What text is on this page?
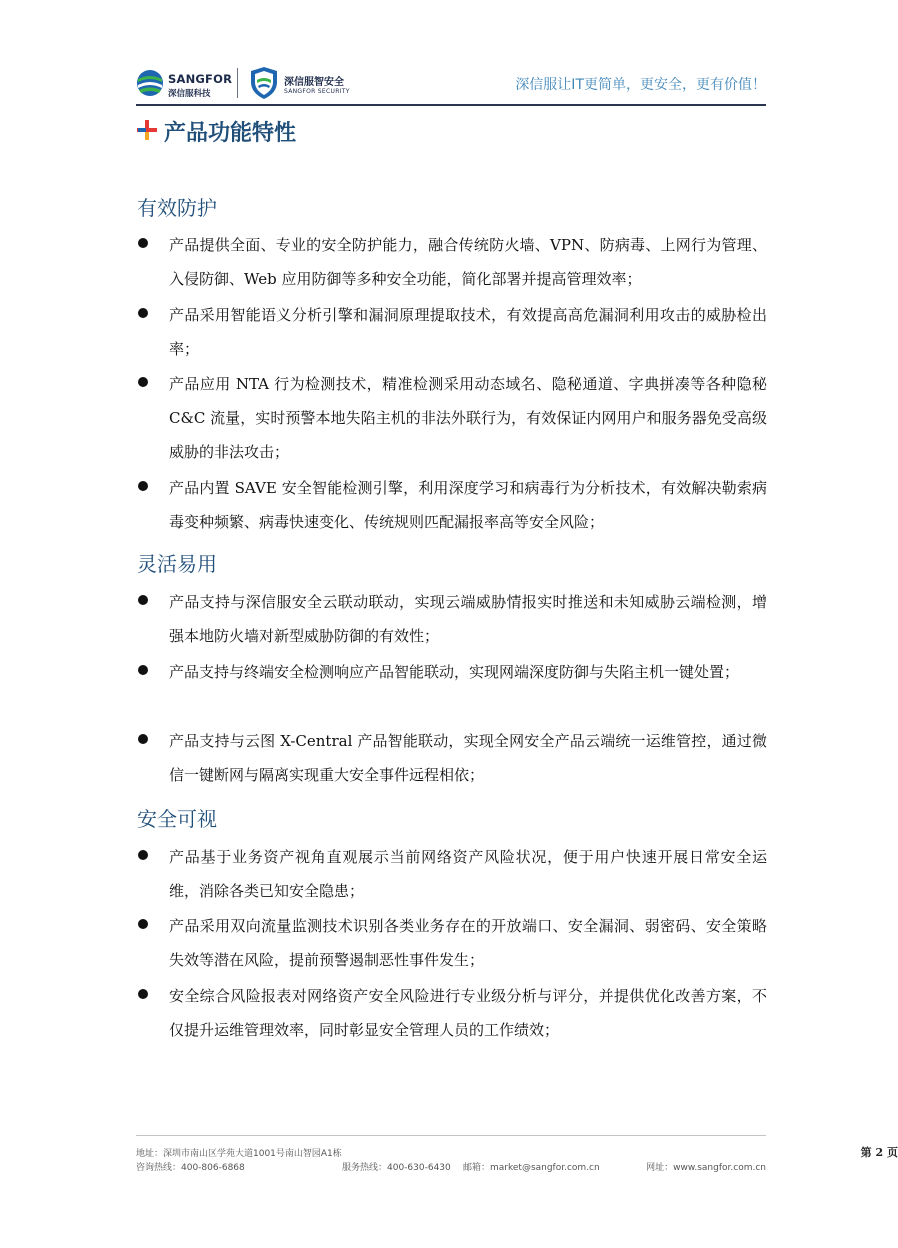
SANGFOR
深信服科技
深信服智安全
SANGFOR SECURITY	深信服让IT更简单，更安全，更有价值！
产品功能特性
有效防护
产品提供全面、专业的安全防护能力，融合传统防火墙、VPN、防病毒、上网行为管理、入侵防御、Web 应用防御等多种安全功能，简化部署并提高管理效率；
产品采用智能语义分析引擎和漏洞原理提取技术，有效提高高危漏洞利用攻击的威胁检出率；
产品应用 NTA 行为检测技术，精准检测采用动态域名、隐秘通道、字典拼凑等各种隐秘 C&C 流量，实时预警本地失陷主机的非法外联行为，有效保证内网用户和服务器免受高级威胁的非法攻击；
产品内置 SAVE 安全智能检测引擎，利用深度学习和病毒行为分析技术，有效解决勒索病毒变种频繁、病毒快速变化、传统规则匹配漏报率高等安全风险；
灵活易用
产品支持与深信服安全云联动联动，实现云端威胁情报实时推送和未知威胁云端检测，增强本地防火墙对新型威胁防御的有效性；
产品支持与终端安全检测响应产品智能联动，实现网端深度防御与失陷主机一键处置；
产品支持与云图 X-Central 产品智能联动，实现全网安全产品云端统一运维管控，通过微信一键断网与隔离实现重大安全事件远程相依；
安全可视
产品基于业务资产视角直观展示当前网络资产风险状况，便于用户快速开展日常安全运维，消除各类已知安全隐患；
产品采用双向流量监测技术识别各类业务存在的开放端口、安全漏洞、弱密码、安全策略失效等潜在风险，提前预警遏制恶性事件发生；
安全综合风险报表对网络资产安全风险进行专业级分析与评分，并提供优化改善方案，不仅提升运维管理效率，同时彰显安全管理人员的工作绩效；
地址：深圳市南山区学苑大道1001号南山智园A1栋	第 2 页
咨询热线：400-806-6868	服务热线：400-630-6430 邮箱：market@sangfor.com.cn	网址：www.sangfor.com.cn
